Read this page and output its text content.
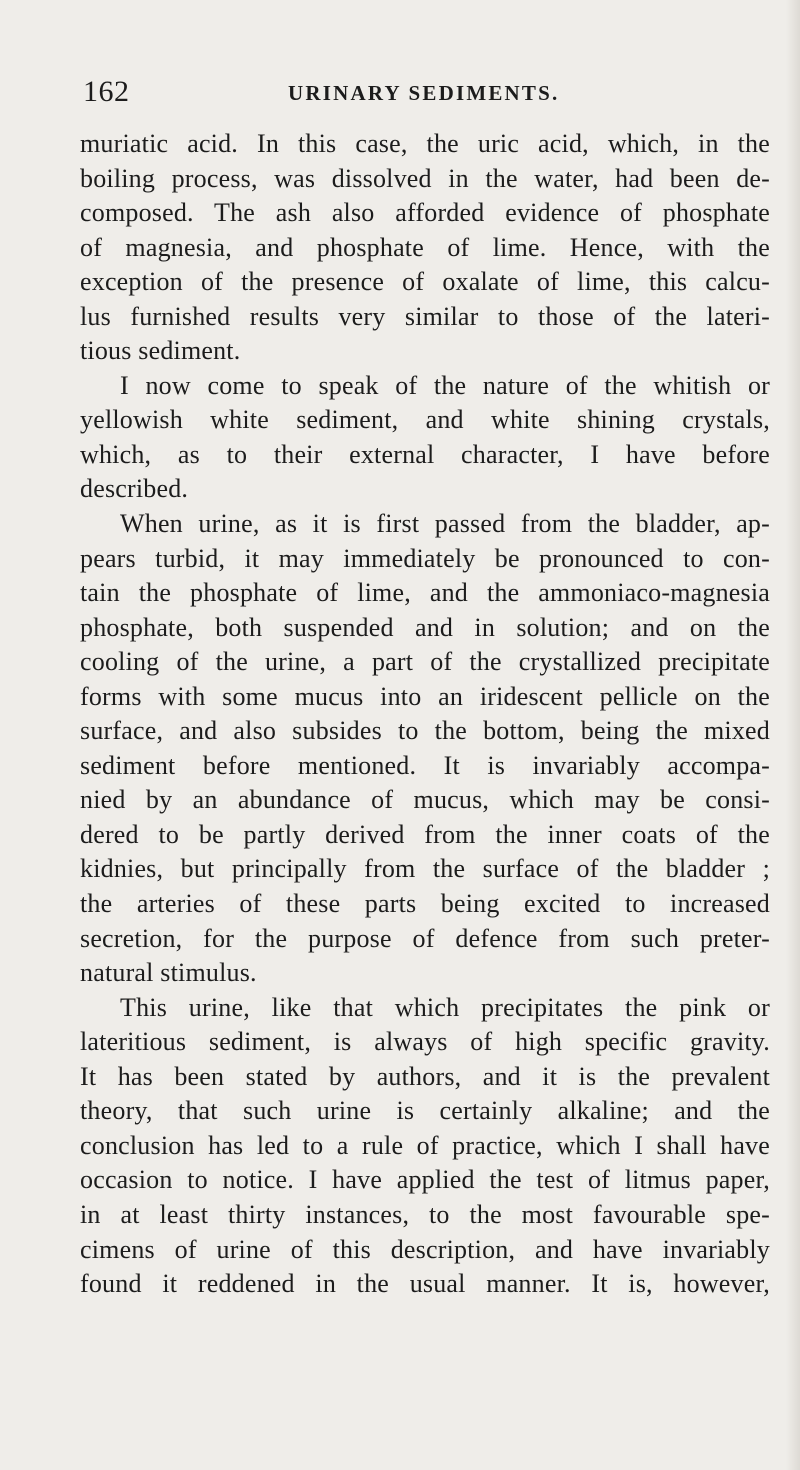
162	URINARY SEDIMENTS.
muriatic acid. In this case, the uric acid, which, in the
boiling process, was dissolved in the water, had been de-
composed. The ash also afforded evidence of phosphate
of magnesia, and phosphate of lime. Hence, with the
exception of the presence of oxalate of lime, this calcu-
lus furnished results very similar to those of the lateri-
tious sediment.
I now come to speak of the nature of the whitish or
yellowish white sediment, and white shining crystals,
which, as to their external character, I have before
described.
When urine, as it is first passed from the bladder, ap-
pears turbid, it may immediately be pronounced to con-
tain the phosphate of lime, and the ammoniaco-magnesia
phosphate, both suspended and in solution; and on the
cooling of the urine, a part of the crystallized precipitate
forms with some mucus into an iridescent pellicle on the
surface, and also subsides to the bottom, being the mixed
sediment before mentioned. It is invariably accompa-
nied by an abundance of mucus, which may be consi-
dered to be partly derived from the inner coats of the
kidnies, but principally from the surface of the bladder ;
the arteries of these parts being excited to increased
secretion, for the purpose of defence from such preter-
natural stimulus.
This urine, like that which precipitates the pink or
lateritious sediment, is always of high specific gravity.
It has been stated by authors, and it is the prevalent
theory, that such urine is certainly alkaline; and the
conclusion has led to a rule of practice, which I shall have
occasion to notice. I have applied the test of litmus paper,
in at least thirty instances, to the most favourable spe-
cimens of urine of this description, and have invariably
found it reddened in the usual manner. It is, however,
